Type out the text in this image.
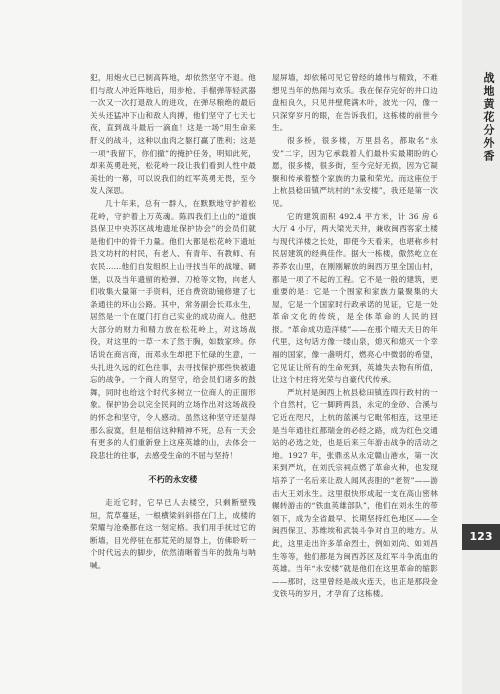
犯，用炮火已已制高阵地，却依然坚守不退。他们与敌人冲近阵地后，用步枪、手榴弹等轻武器一次又一次打退敌人的进攻，在弹尽粮绝的最后关头还猛冲下山和敌人肉搏，他们坚守了七天七夜，直到战斗最后一滴血！这是一场“用生命来肝义的战斗，这种以血肉之躯打赢了胜利；这是一项“我留下，你们撤”的掩护任务，明知此死，却来英勇赴死，松花岭一段让我们看到人性中最美壮的一幕，可以说我们的红军英勇无畏，至今发人深思。

几十年来，总有一群人，在默默地守护着松花岭，守护着上万英魂。陈四我们上山的“道旗县保卫中央苏区战地遗址保护协会”的会员们就是他们中的骨干力量。他们大都是松花岭下遗址县文坊村的村民，有老人、有青年、有教师、有农民……他们自发组织上山寻找当年的战壕、碉堡，以及当年遗留的枪弹、刀枪等文物，向老人们收集大量第一手资料，还自费资助镜修建了七条通往的环山公路。其中，常务副会长邓永生，居然是一个在厦门打自己实业的成功商人。他把大部分的财力和精力放在松花岭上，对这场战役，对这里的一草一木了然于胸，如数家珍。你话说在商言商，而邓永生却把下忙碌的生意，一头扎进久远的红色往事，去寻找保护那些快被遗忘的战争。一个商人的坚守，给会员们诸多的鼓舞，同时也给这个时代多树立一位商人的正面形象。保护协会以完全民间的立场作出对这场战役的怀念和坚守，令人感动。虽然这种坚守还显得那么寂寞，但是相信这种精神不死，总有一天会有更多的人们重新登上这座英雄的山，去体会一段悲壮的往事，去感受生命的不屈与坚持！

不朽的永安楼

走近它时，它早已人去楼空，只剩断壁残垣，荒草蔓延，一根横梁斜斜搭在门上，成楼的荣耀与沧桑都在这一刻定格。我们用手抚过它的断墙，目光停驻在那荒芜的屋脊上，仿佛聆听一个时代远去的脚步，依然清晰着当年的鼓角与呐喊。

屋屏墙，却依稀可见它曾经的雄伟与精致，不难想见当年的热闹与欢乐。我在保存完好的井口边盘桓良久，只见井壁爬满木叶，波光一闪，像一只深穿岁月的眼，在告诉我们，这栋楼的前世今生。

很多桥，很多楼，万里县名，都取名“永安”二字，因为它承载着人们最朴实最期盼的心愿，很多楼，很多街，至今完好无损，因为它凝聚和传承着整个家族的力量和荣光。而这座位于上杭县稔田镇严坑村的“永安楼”，我还是第一次见。

它的建筑面积 492.4 平方米，计 36 房 6 大厅 4 小厅，两大梁光天井，兼收闽西客家土楼与现代洋楼之长处，即使今天看来，也堪称乡村民居建筑的经典佳作。据大一栋楼，傲然屹立在荞荞农山里，在刚刚解放的闽西万里全国山村，都是一项了不起的工程。它不是一般的建筑，更重要的是：它是一个围家和家族力量聚集的大屋，它是一个国家时行政承诺的见证，它是一处革命文化的传统，是全体革命的人民的回报。“革命成功造洋楼”——在那个晴天天日的年代里，这句话方像一缕山泉，熄灭和熄灭一个幸福的国家，像一盏明灯，燃亮心中微弱的希望，它见证让所有的生命死到，英雄失去物有所值，让这个村庄将光荣与自豪代代传承。

严坑村是闽西上杭县稔田镇连四行政村的一个自然村，它一脚跨两县，永定的金砂、合溪与它近在咫尺，上杭的蓝溪与它毗邻相连，这里还是当年通往红都瑞金的必经之路，成为红色交通站的必选之处，也是后来三年游击战争的活动之地。1927 年，张鼎丞从永定赣山港水，第一次来到严坑，在刘氏宗祠点燃了革命火种，也发现培养了一名后来让敌人闻风丧胆的“老贺”——游击大王刘永生。这里很快形成起一支在高山密林辗转游击的“铁血英雄部队”，他们在刘永生的带领下，成为全省最早、长期坚持红色地区——全闽西保卫、苏维埃和武装斗争对自卫的地方。从此，这里走出许多革命烈士，例如刘尚、如刘昌生等等，他们都是为闽西苏区及红军斗争流血的英雄。当年“永安楼”就是他们在这里革命的缩影——那时，这里曾经是战火连天，也正是那段金戈铁马的岁月，才孕育了这栋楼。

战地黄花分外香
123
